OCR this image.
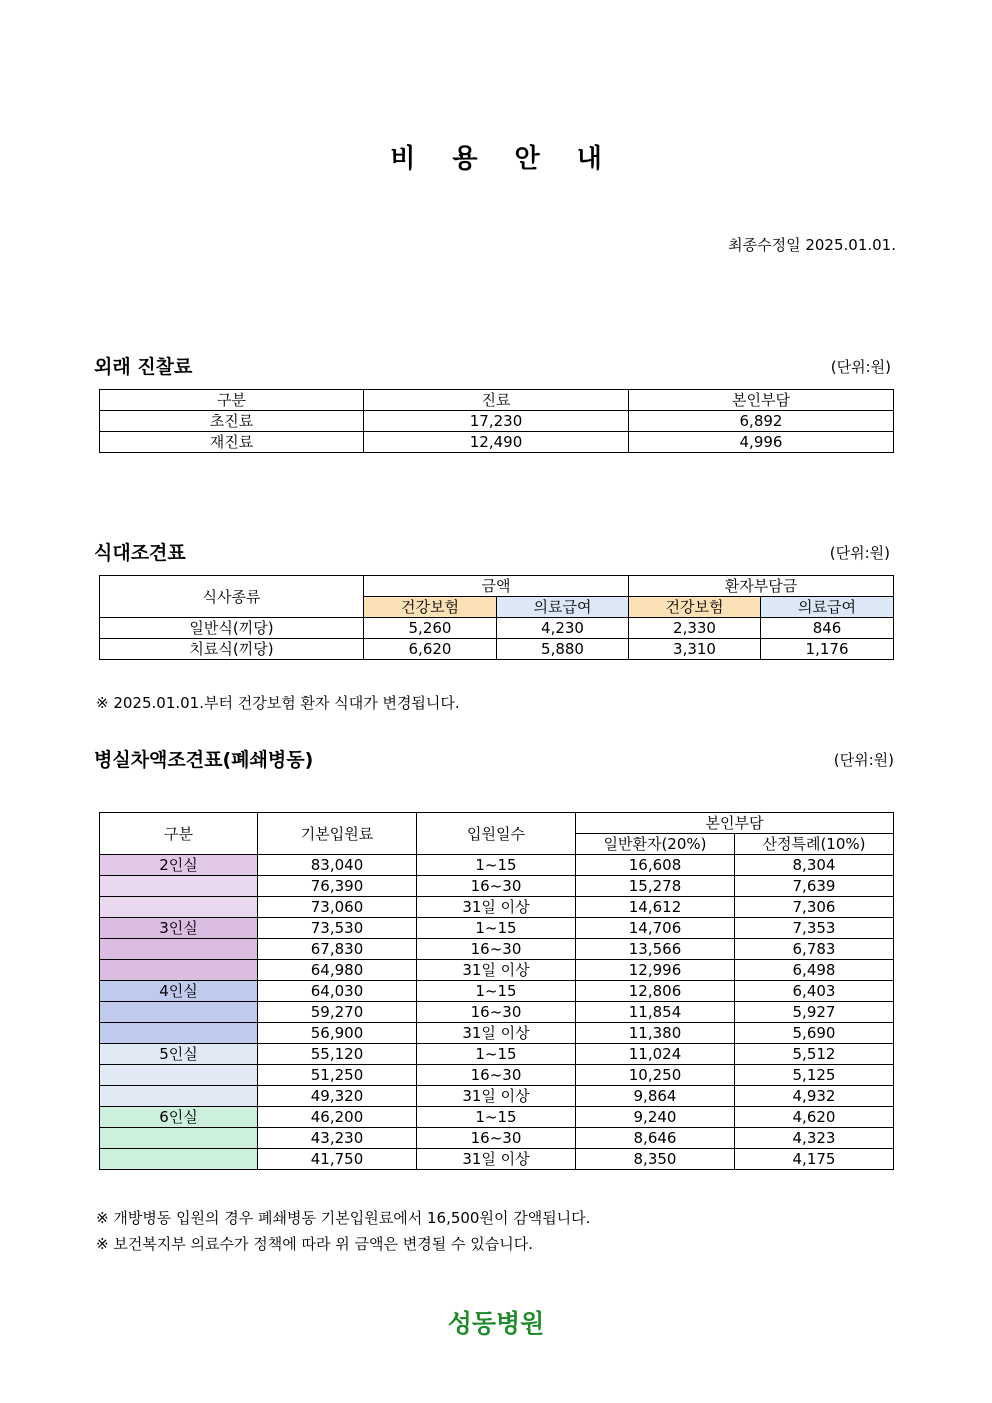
비 용 안 내
최종수정일 2025.01.01.
외래 진찰료	(단위:원)
구분	진료	본인부담
초진료	17,230	6,892
재진료	12,490	4,996
식대조견표	(단위:원)
식사종류	금액		환자부담금	
	건강보험	의료급여	건강보험	의료급여
일반식(끼당)	5,260	4,230	2,330	846
치료식(끼당)	6,620	5,880	3,310	1,176
※ 2025.01.01.부터 건강보험 환자 식대가 변경됩니다.
병실차액조견표(폐쇄병동)	(단위:원)
구분	기본입원료	입원일수	본인부담	
			일반환자(20%)	산정특례(10%)
2인실	83,040	1~15	16,608	8,304
	76,390	16~30	15,278	7,639
	73,060	31일 이상	14,612	7,306
3인실	73,530	1~15	14,706	7,353
	67,830	16~30	13,566	6,783
	64,980	31일 이상	12,996	6,498
4인실	64,030	1~15	12,806	6,403
	59,270	16~30	11,854	5,927
	56,900	31일 이상	11,380	5,690
5인실	55,120	1~15	11,024	5,512
	51,250	16~30	10,250	5,125
	49,320	31일 이상	9,864	4,932
6인실	46,200	1~15	9,240	4,620
	43,230	16~30	8,646	4,323
	41,750	31일 이상	8,350	4,175
※ 개방병동 입원의 경우 폐쇄병동 기본입원료에서 16,500원이 감액됩니다.
※ 보건복지부 의료수가 정책에 따라 위 금액은 변경될 수 있습니다.
성동병원
